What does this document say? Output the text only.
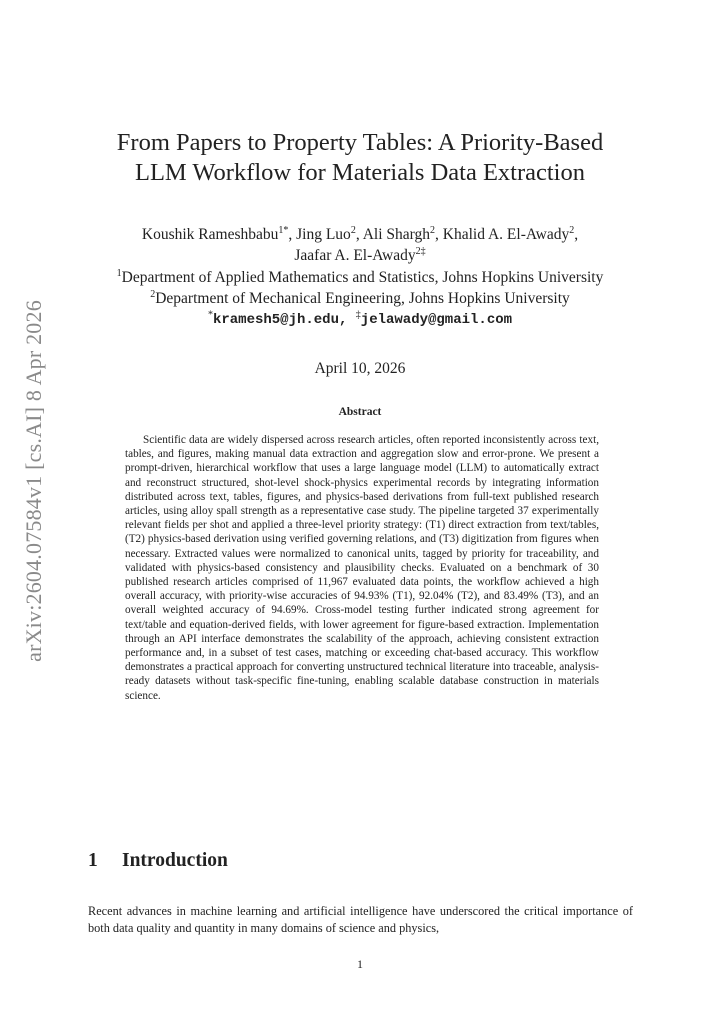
arXiv:2604.07584v1 [cs.AI] 8 Apr 2026
From Papers to Property Tables: A Priority-Based
LLM Workflow for Materials Data Extraction
Koushik Rameshbabu$^{1*}$, Jing Luo$^2$, Ali Shargh$^2$, Khalid A. El-Awady$^2$,
Jaafar A. El-Awady$^{2\ddagger}$
$^1$Department of Applied Mathematics and Statistics, Johns Hopkins University
$^2$Department of Mechanical Engineering, Johns Hopkins University
*kramesh5@jh.edu, ‡jelawady@gmail.com
April 10, 2026
Abstract
Scientific data are widely dispersed across research articles, often reported inconsistently across text, tables, and figures, making manual data extraction and aggregation slow and error-prone. We present a prompt-driven, hierarchical workflow that uses a large language model (LLM) to automatically extract and reconstruct structured, shot-level shock-physics experimental records by integrating information distributed across text, tables, figures, and physics-based derivations from full-text published research articles, using alloy spall strength as a representative case study. The pipeline targeted 37 experimentally relevant fields per shot and applied a three-level priority strategy: (T1) direct extraction from text/tables, (T2) physics-based derivation using verified governing relations, and (T3) digitization from figures when necessary. Extracted values were normalized to canonical units, tagged by priority for traceability, and validated with physics-based consistency and plausibility checks. Evaluated on a benchmark of 30 published research articles comprised of 11,967 evaluated data points, the workflow achieved a high overall accuracy, with priority-wise accuracies of 94.93% (T1), 92.04% (T2), and 83.49% (T3), and an overall weighted accuracy of 94.69%. Cross-model testing further indicated strong agreement for text/table and equation-derived fields, with lower agreement for figure-based extraction. Implementation through an API interface demonstrates the scalability of the approach, achieving consistent extraction performance and, in a subset of test cases, matching or exceeding chat-based accuracy. This workflow demonstrates a practical approach for converting unstructured technical literature into traceable, analysis-ready datasets without task-specific fine-tuning, enabling scalable database construction in materials science.
1 Introduction
Recent advances in machine learning and artificial intelligence have underscored the critical importance of both data quality and quantity in many domains of science and physics,
1
